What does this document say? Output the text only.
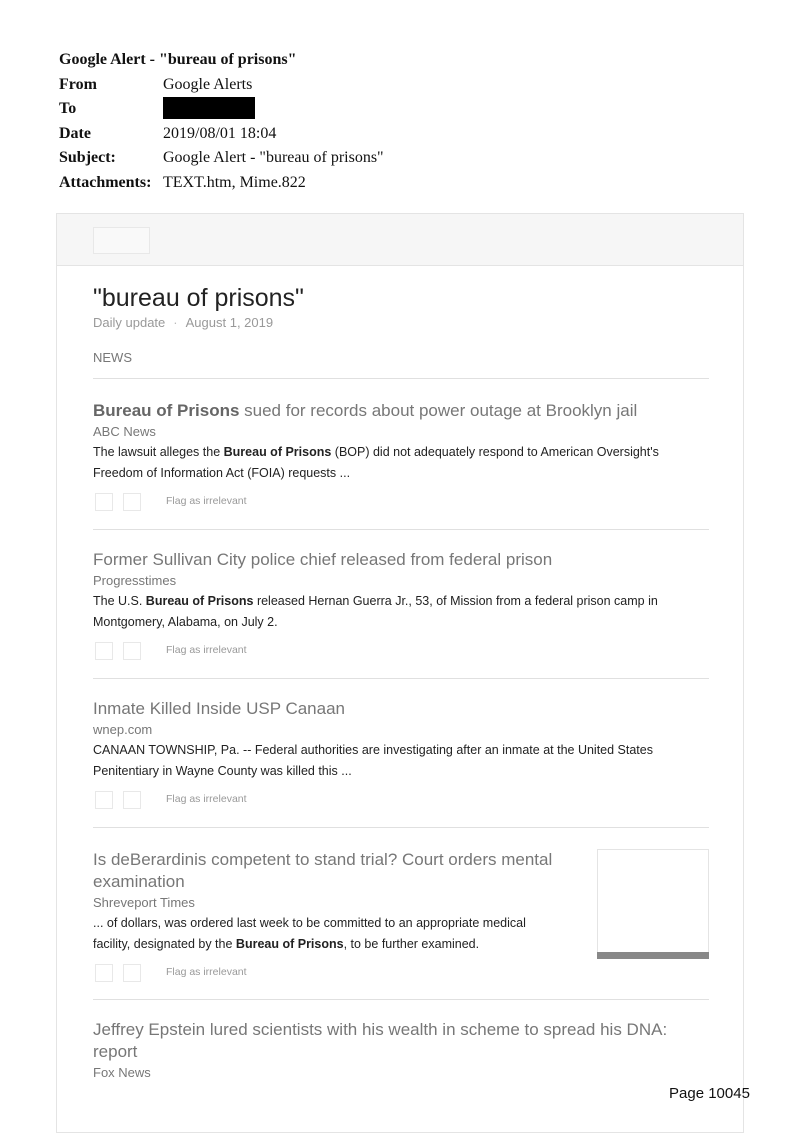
Google Alert - "bureau of prisons"
From	Google Alerts
To
Date	2019/08/01 18:04
Subject:	Google Alert - "bureau of prisons"
Attachments: TEXT.htm, Mime.822
"bureau of prisons"
Daily update · August 1, 2019
NEWS
Bureau of Prisons sued for records about power outage at Brooklyn jail
ABC News
The lawsuit alleges the Bureau of Prisons (BOP) did not adequately respond to American Oversight's Freedom of Information Act (FOIA) requests ...
Flag as irrelevant
Former Sullivan City police chief released from federal prison
Progresstimes
The U.S. Bureau of Prisons released Hernan Guerra Jr., 53, of Mission from a federal prison camp in Montgomery, Alabama, on July 2.
Flag as irrelevant
Inmate Killed Inside USP Canaan
wnep.com
CANAAN TOWNSHIP, Pa. -- Federal authorities are investigating after an inmate at the United States Penitentiary in Wayne County was killed this ...
Flag as irrelevant
Is deBerardinis competent to stand trial? Court orders mental examination
Shreveport Times
... of dollars, was ordered last week to be committed to an appropriate medical facility, designated by the Bureau of Prisons, to be further examined.
Flag as irrelevant
Jeffrey Epstein lured scientists with his wealth in scheme to spread his DNA: report
Fox News
Page 10045
